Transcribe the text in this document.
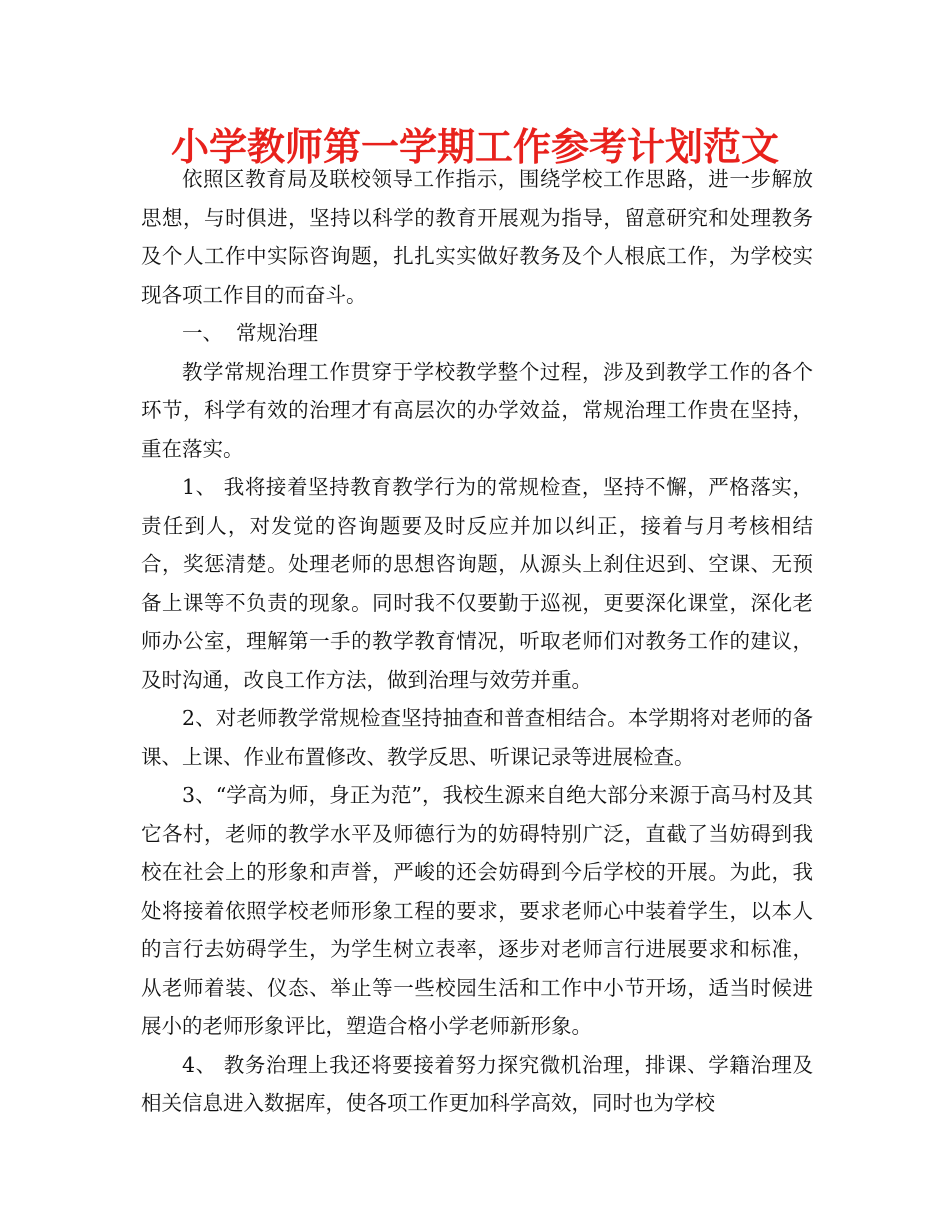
小学教师第一学期工作参考计划范文

依照区教育局及联校领导工作指示，围绕学校工作思路，进一步解放思想，与时俱进，坚持以科学的教育开展观为指导，留意研究和处理教务及个人工作中实际咨询题，扎扎实实做好教务及个人根底工作，为学校实现各项工作目的而奋斗。

一、  常规治理

教学常规治理工作贯穿于学校教学整个过程，涉及到教学工作的各个环节，科学有效的治理才有高层次的办学效益，常规治理工作贵在坚持，重在落实。

1、 我将接着坚持教育教学行为的常规检查，坚持不懈，严格落实，责任到人，对发觉的咨询题要及时反应并加以纠正，接着与月考核相结合，奖惩清楚。处理老师的思想咨询题，从源头上刹住迟到、空课、无预备上课等不负责的现象。同时我不仅要勤于巡视，更要深化课堂，深化老师办公室，理解第一手的教学教育情况，听取老师们对教务工作的建议，及时沟通，改良工作方法，做到治理与效劳并重。

2、对老师教学常规检查坚持抽查和普查相结合。本学期将对老师的备课、上课、作业布置修改、教学反思、听课记录等进展检查。

3、“学高为师，身正为范”，我校生源来自绝大部分来源于高马村及其它各村，老师的教学水平及师德行为的妨碍特别广泛，直截了当妨碍到我校在社会上的形象和声誉，严峻的还会妨碍到今后学校的开展。为此，我处将接着依照学校老师形象工程的要求，要求老师心中装着学生，以本人的言行去妨碍学生，为学生树立表率，逐步对老师言行进展要求和标准，从老师着装、仪态、举止等一些校园生活和工作中小节开场，适当时候进展小的老师形象评比，塑造合格小学老师新形象。

4、 教务治理上我还将要接着努力探究微机治理，排课、学籍治理及相关信息进入数据库，使各项工作更加科学高效，同时也为学校
